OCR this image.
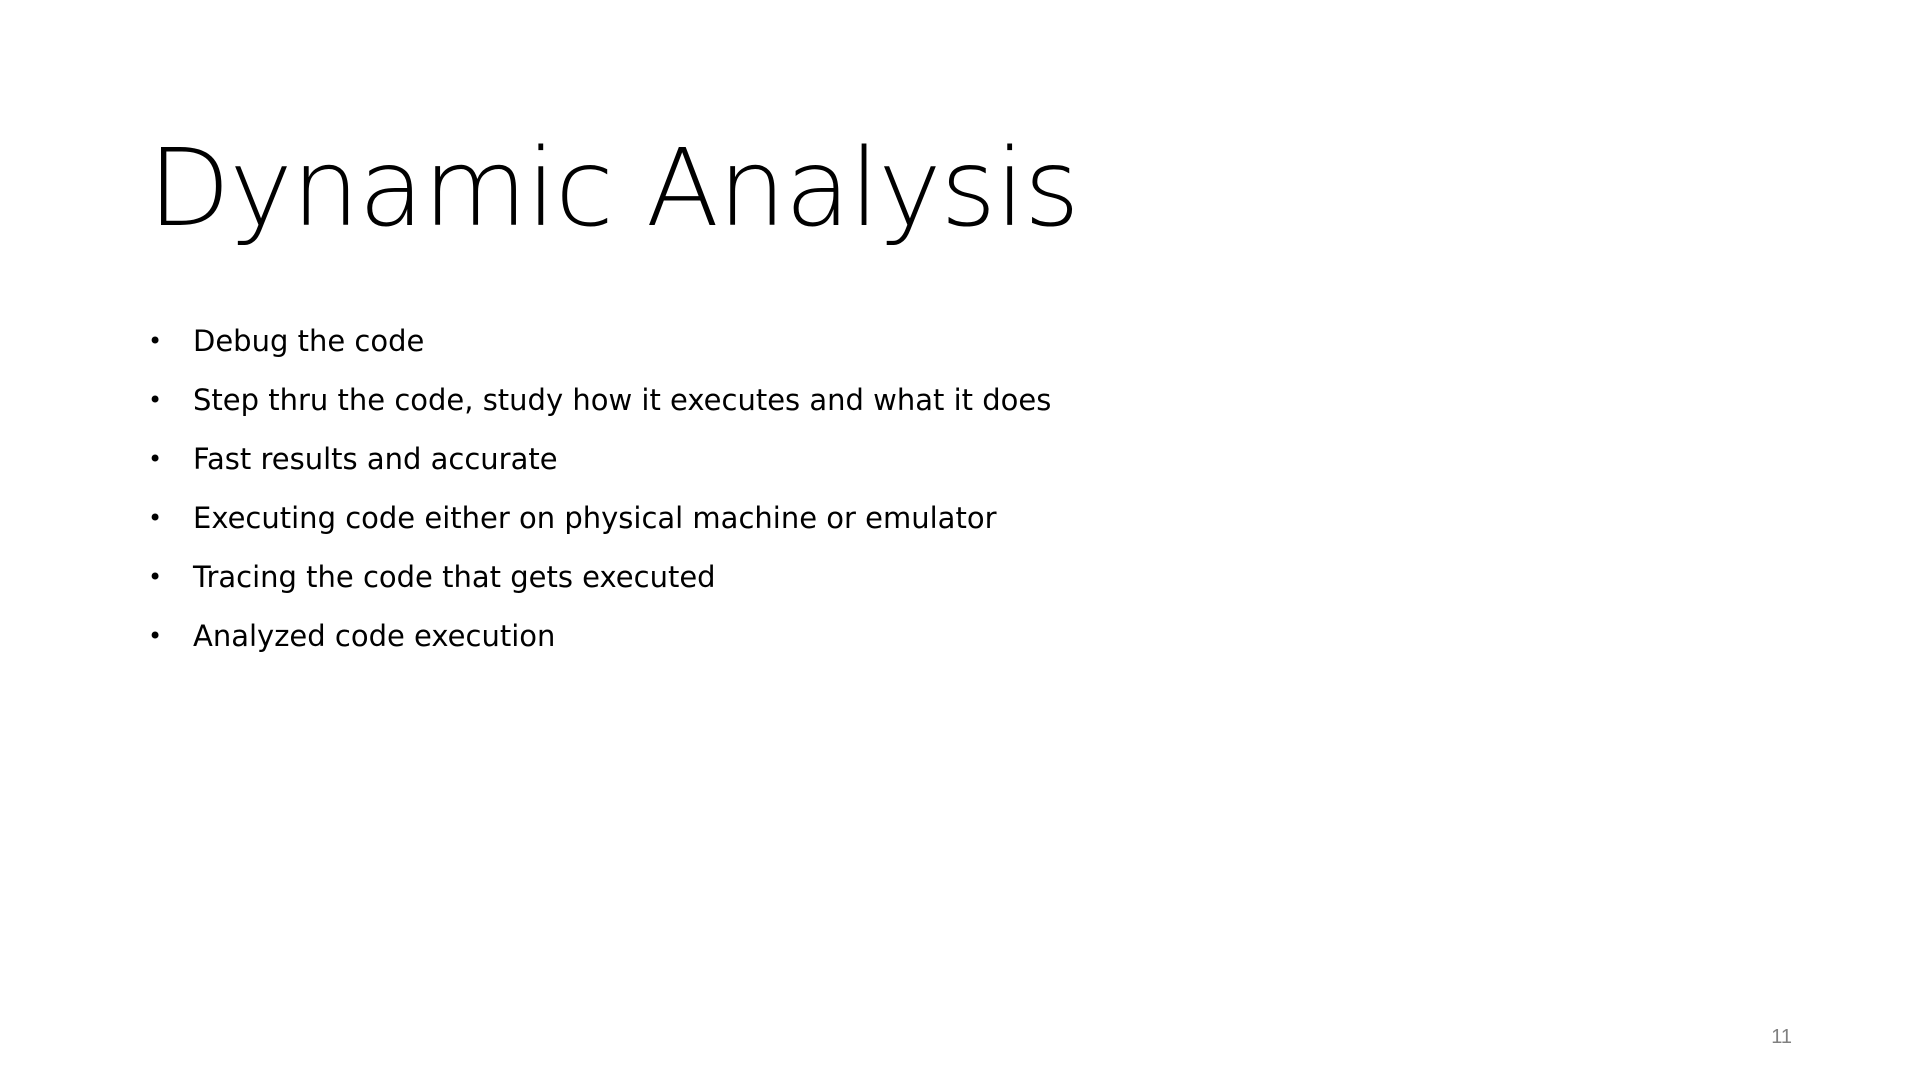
Dynamic Analysis
• Debug the code
• Step thru the code, study how it executes and what it does
• Fast results and accurate
• Executing code either on physical machine or emulator
• Tracing the code that gets executed
• Analyzed code execution
11
